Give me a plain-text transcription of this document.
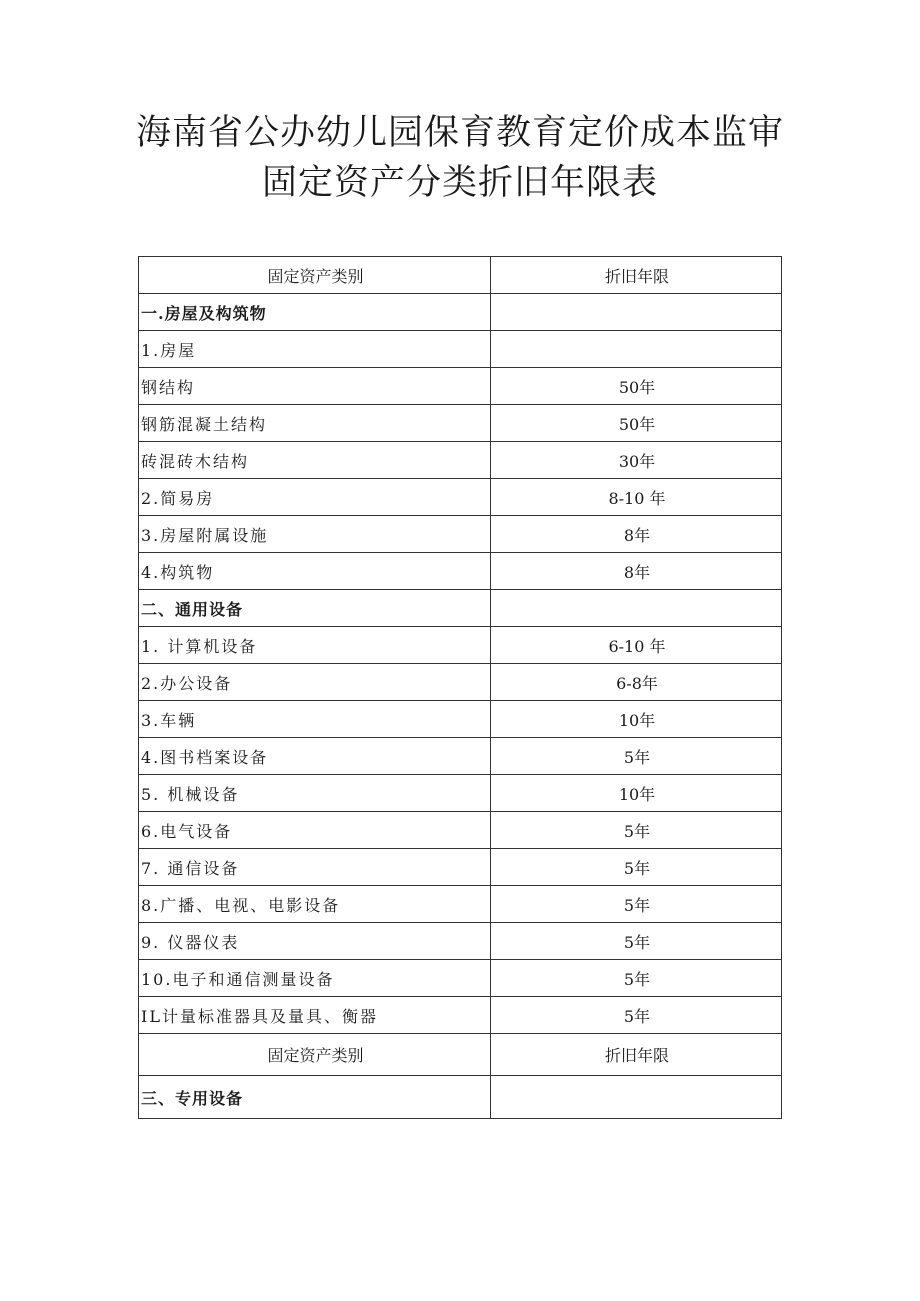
海南省公办幼儿园保育教育定价成本监审
固定资产分类折旧年限表
固定资产类别	折旧年限
一.房屋及构筑物	
1.房屋	
钢结构	50年
钢筋混凝土结构	50年
砖混砖木结构	30年
2.简易房	8-10 年
3.房屋附属设施	8年
4.构筑物	8年
二、通用设备	
1. 计算机设备	6-10 年
2.办公设备	6-8年
3.车辆	10年
4.图书档案设备	5年
5. 机械设备	10年
6.电气设备	5年
7. 通信设备	5年
8.广播、电视、电影设备	5年
9. 仪器仪表	5年
10.电子和通信测量设备	5年
IL计量标准器具及量具、衡器	5年
固定资产类别	折旧年限
三、专用设备	
